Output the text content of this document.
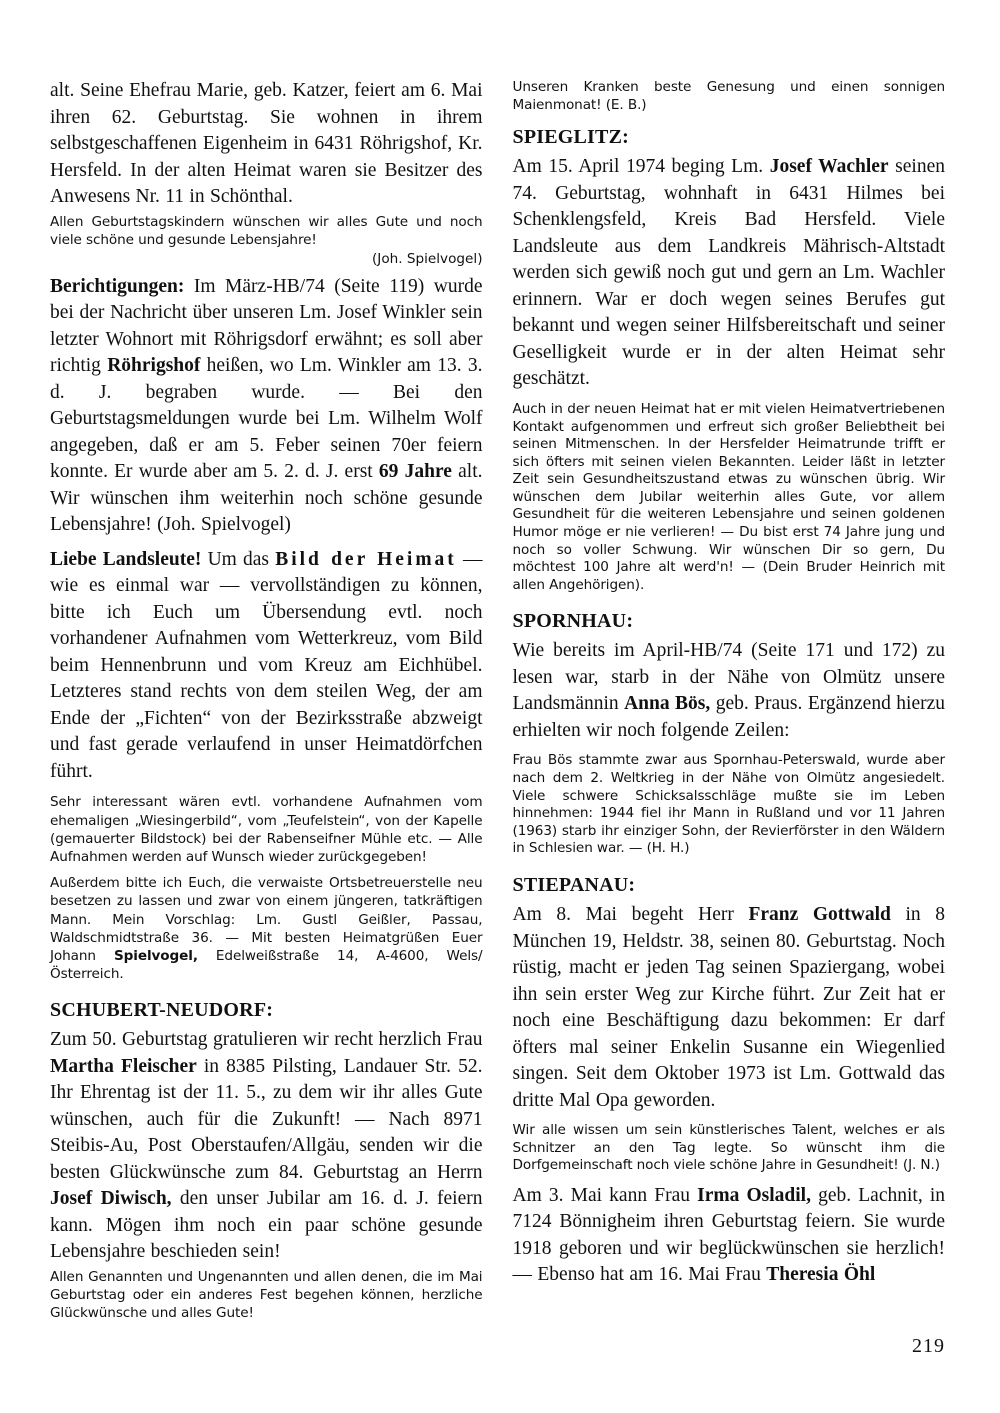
alt. Seine Ehefrau Marie, geb. Katzer, feiert am 6. Mai ihren 62. Geburtstag. Sie wohnen in ihrem selbstgeschaffenen Eigenheim in 6431 Röhrigshof, Kr. Hersfeld. In der alten Heimat waren sie Besitzer des Anwesens Nr. 11 in Schönthal.

Allen Geburtstagskindern wünschen wir alles Gute und noch viele schöne und gesunde Lebensjahre!

(Joh. Spielvogel)

Berichtigungen: Im März-HB/74 (Seite 119) wurde bei der Nachricht über unseren Lm. Josef Winkler sein letzter Wohnort mit Röhrigsdorf erwähnt; es soll aber richtig Röhrigshof heißen, wo Lm. Winkler am 13. 3. d. J. begraben wurde. — Bei den Geburtstagsmeldungen wurde bei Lm. Wilhelm Wolf angegeben, daß er am 5. Feber seinen 70er feiern konnte. Er wurde aber am 5. 2. d. J. erst 69 Jahre alt. Wir wünschen ihm weiterhin noch schöne gesunde Lebensjahre! (Joh. Spielvogel)

Liebe Landsleute! Um das Bild der Heimat — wie es einmal war — vervollständigen zu können, bitte ich Euch um Übersendung evtl. noch vorhandener Aufnahmen vom Wetterkreuz, vom Bild beim Hennenbrunn und vom Kreuz am Eichhübel. Letzteres stand rechts von dem steilen Weg, der am Ende der „Fichten“ von der Bezirksstraße abzweigt und fast gerade verlaufend in unser Heimatdörfchen führt.

Sehr interessant wären evtl. vorhandene Aufnahmen vom ehemaligen „Wiesingerbild“, vom „Teufelstein“, von der Kapelle (gemauerter Bildstock) bei der Rabenseifner Mühle etc. — Alle Aufnahmen werden auf Wunsch wieder zurückgegeben!

Außerdem bitte ich Euch, die verwaiste Ortsbetreuerstelle neu besetzen zu lassen und zwar von einem jüngeren, tatkräftigen Mann. Mein Vorschlag: Lm. Gustl Geißler, Passau, Waldschmidtstraße 36. — Mit besten Heimatgrüßen Euer Johann Spielvogel, Edelweißstraße 14, A-4600, Wels/Österreich.

SCHUBERT-NEUDORF:

Zum 50. Geburtstag gratulieren wir recht herzlich Frau Martha Fleischer in 8385 Pilsting, Landauer Str. 52. Ihr Ehrentag ist der 11. 5., zu dem wir ihr alles Gute wünschen, auch für die Zukunft! — Nach 8971 Steibis-Au, Post Oberstaufen/Allgäu, senden wir die besten Glückwünsche zum 84. Geburtstag an Herrn Josef Diwisch, den unser Jubilar am 16. d. J. feiern kann. Mögen ihm noch ein paar schöne gesunde Lebensjahre beschieden sein!

Allen Genannten und Ungenannten und allen denen, die im Mai Geburtstag oder ein anderes Fest begehen können, herzliche Glückwünsche und alles Gute!

Unseren Kranken beste Genesung und einen sonnigen Maienmonat! (E. B.)

SPIEGLITZ:

Am 15. April 1974 beging Lm. Josef Wachler seinen 74. Geburtstag, wohnhaft in 6431 Hilmes bei Schenklengsfeld, Kreis Bad Hersfeld. Viele Landsleute aus dem Landkreis Mährisch-Altstadt werden sich gewiß noch gut und gern an Lm. Wachler erinnern. War er doch wegen seines Berufes gut bekannt und wegen seiner Hilfsbereitschaft und seiner Geselligkeit wurde er in der alten Heimat sehr geschätzt.

Auch in der neuen Heimat hat er mit vielen Heimatvertriebenen Kontakt aufgenommen und erfreut sich großer Beliebtheit bei seinen Mitmenschen. In der Hersfelder Heimatrunde trifft er sich öfters mit seinen vielen Bekannten. Leider läßt in letzter Zeit sein Gesundheitszustand etwas zu wünschen übrig. Wir wünschen dem Jubilar weiterhin alles Gute, vor allem Gesundheit für die weiteren Lebensjahre und seinen goldenen Humor möge er nie verlieren! — Du bist erst 74 Jahre jung und noch so voller Schwung. Wir wünschen Dir so gern, Du möchtest 100 Jahre alt werd'n! — (Dein Bruder Heinrich mit allen Angehörigen).

SPORNHAU:

Wie bereits im April-HB/74 (Seite 171 und 172) zu lesen war, starb in der Nähe von Olmütz unsere Landsmännin Anna Bös, geb. Praus. Ergänzend hierzu erhielten wir noch folgende Zeilen:

Frau Bös stammte zwar aus Spornhau-Peterswald, wurde aber nach dem 2. Weltkrieg in der Nähe von Olmütz angesiedelt. Viele schwere Schicksalsschläge mußte sie im Leben hinnehmen: 1944 fiel ihr Mann in Rußland und vor 11 Jahren (1963) starb ihr einziger Sohn, der Revierförster in den Wäldern in Schlesien war. — (H. H.)

STIEPANAU:

Am 8. Mai begeht Herr Franz Gottwald in 8 München 19, Heldstr. 38, seinen 80. Geburtstag. Noch rüstig, macht er jeden Tag seinen Spaziergang, wobei ihn sein erster Weg zur Kirche führt. Zur Zeit hat er noch eine Beschäftigung dazu bekommen: Er darf öfters mal seiner Enkelin Susanne ein Wiegenlied singen. Seit dem Oktober 1973 ist Lm. Gottwald das dritte Mal Opa geworden.

Wir alle wissen um sein künstlerisches Talent, welches er als Schnitzer an den Tag legte. So wünscht ihm die Dorfgemeinschaft noch viele schöne Jahre in Gesundheit! (J. N.)

Am 3. Mai kann Frau Irma Osladil, geb. Lachnit, in 7124 Bönnigheim ihren Geburtstag feiern. Sie wurde 1918 geboren und wir beglückwünschen sie herzlich! — Ebenso hat am 16. Mai Frau Theresia Öhl

219
